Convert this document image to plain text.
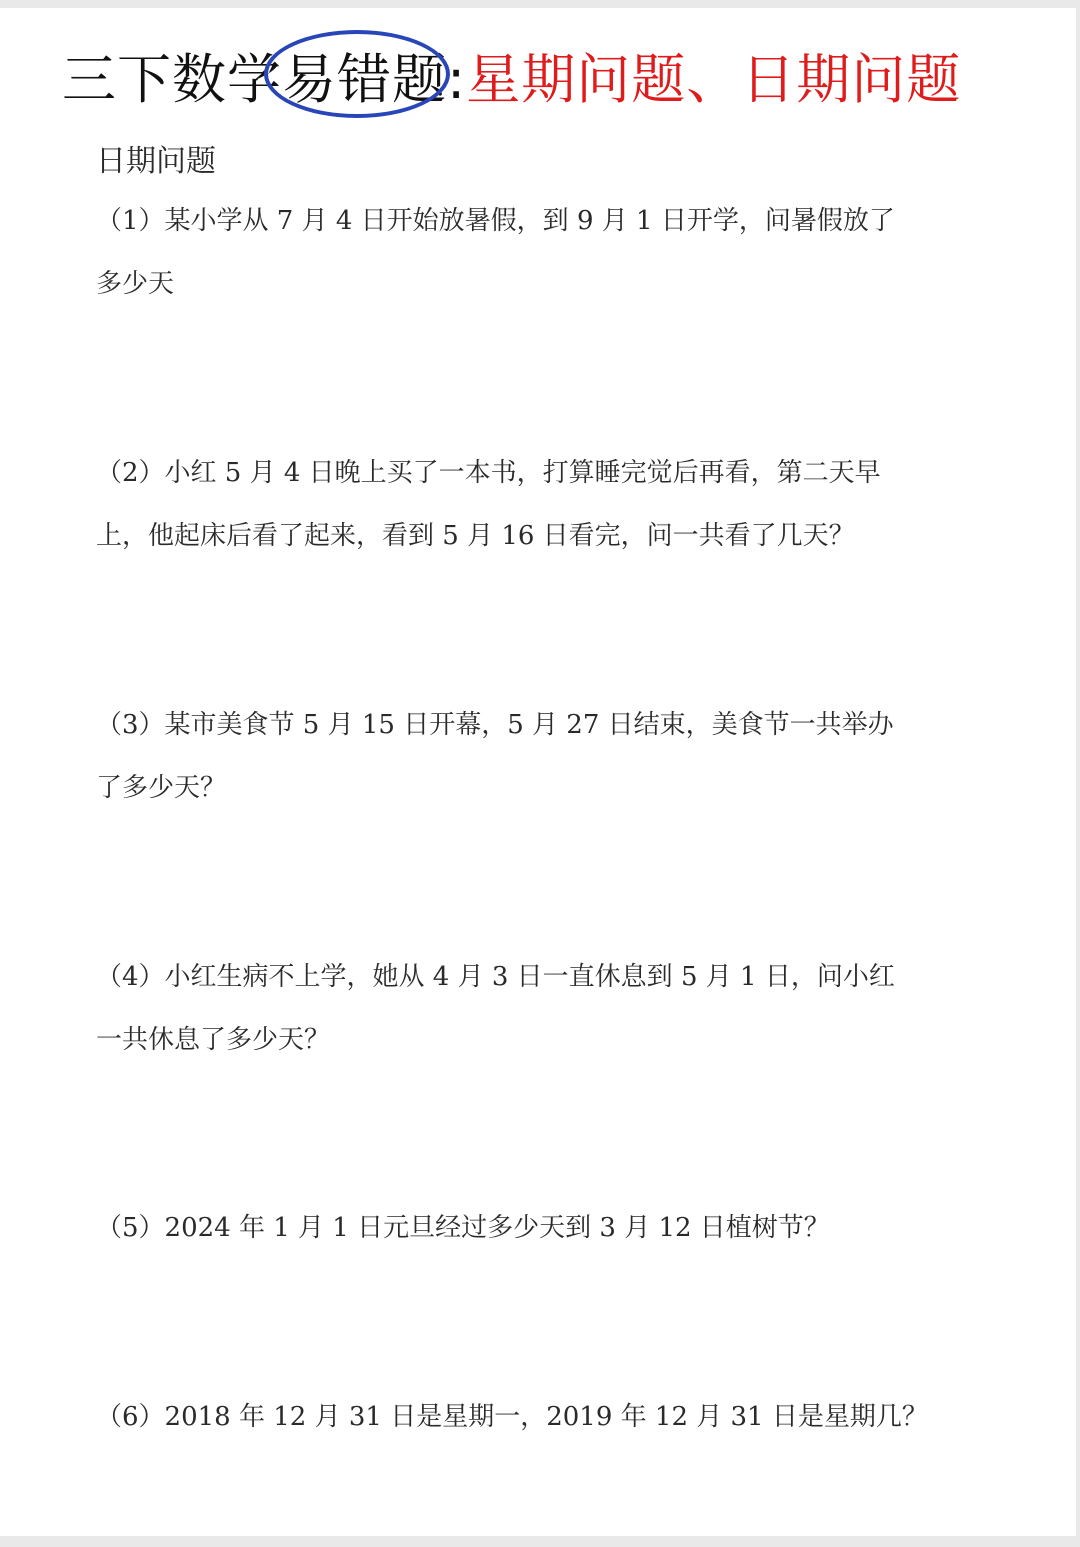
三下数学易错题
:星期问题、日期问题
日期问题
（1）某小学从 7 月 4 日开始放暑假，到 9 月 1 日开学，问暑假放了
多少天
（2）小红 5 月 4 日晚上买了一本书，打算睡完觉后再看，第二天早
上，他起床后看了起来，看到 5 月 16 日看完，问一共看了几天？
（3）某市美食节 5 月 15 日开幕，5 月 27 日结束，美食节一共举办
了多少天？
（4）小红生病不上学，她从 4 月 3 日一直休息到 5 月 1 日，问小红
一共休息了多少天？
（5）2024 年 1 月 1 日元旦经过多少天到 3 月 12 日植树节？
（6）2018 年 12 月 31 日是星期一，2019 年 12 月 31 日是星期几？
